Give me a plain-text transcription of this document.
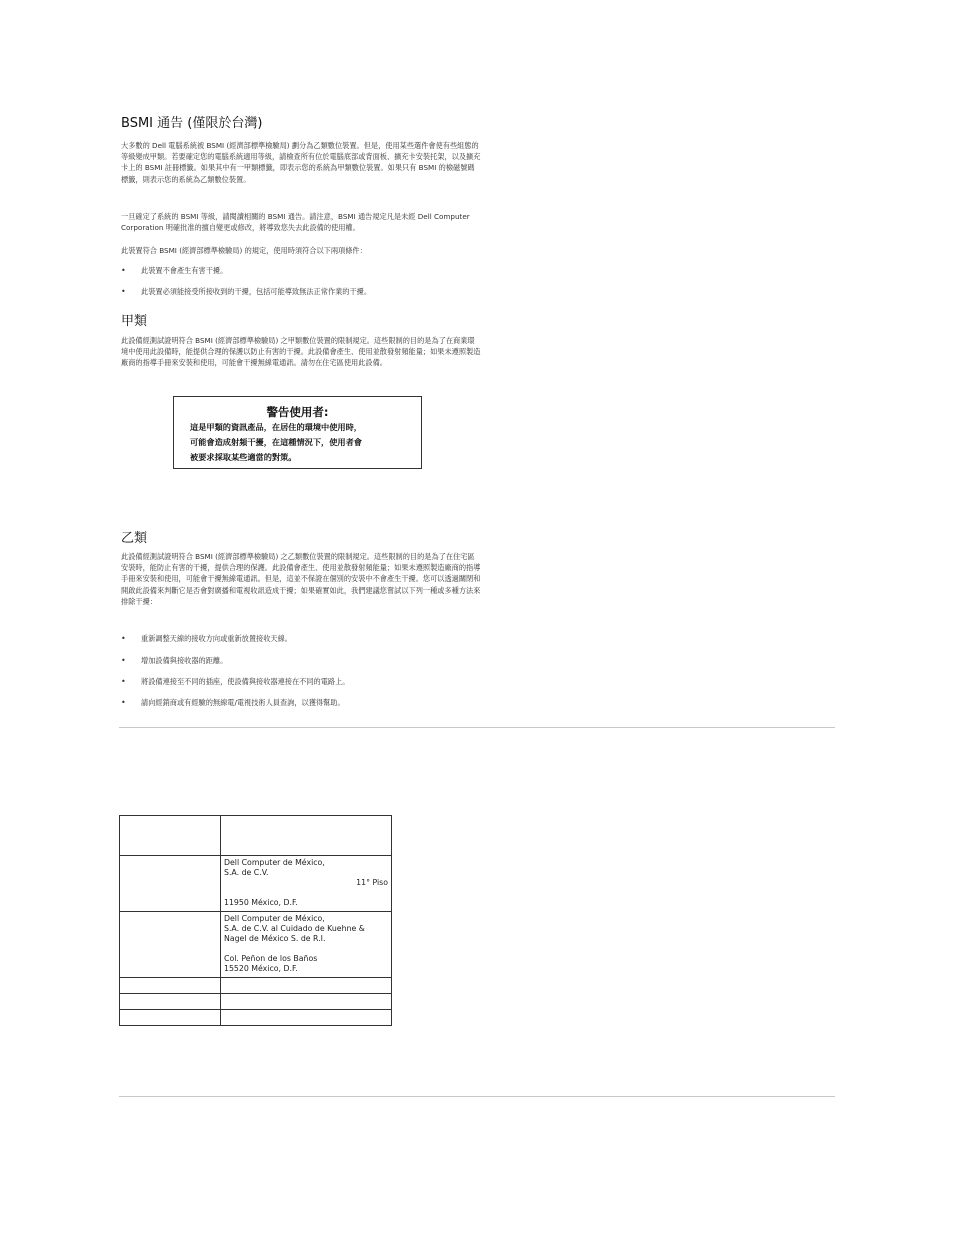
BSMI 通告 (僅限於台灣)

大多數的 Dell 電腦系統被 BSMI (經濟部標準檢驗局) 劃分為乙類數位裝置。但是，使用某些選件會使有些組態的等級變成甲類。若要確定您的電腦系統適用等級，請檢查所有位於電腦底部或背面板、擴充卡安裝托架，以及擴充卡上的 BSMI 註冊標籤。如果其中有一甲類標籤，即表示您的系統為甲類數位裝置。如果只有 BSMI 的檢磁號碼標籤，則表示您的系統為乙類數位裝置。

一旦確定了系統的 BSMI 等級，請閱讀相關的 BSMI 通告。請注意，BSMI 通告規定凡是未經 Dell Computer Corporation 明確批准的擅自變更或修改，將導致您失去此設備的使用權。

此裝置符合 BSMI (經濟部標準檢驗局) 的規定，使用時須符合以下兩項條件：

• 此裝置不會產生有害干擾。
• 此裝置必須能接受所接收到的干擾，包括可能導致無法正常作業的干擾。
甲類

此設備經測試證明符合 BSMI (經濟部標準檢驗局) 之甲類數位裝置的限制規定。這些限制的目的是為了在商業環境中使用此設備時，能提供合理的保護以防止有害的干擾。此設備會產生、使用並散發射頻能量；如果未遵照製造廠商的指導手冊來安裝和使用，可能會干擾無線電通訊。請勿在住宅區使用此設備。

警告使用者:
這是甲類的資訊產品，在居住的環境中使用時，
可能會造成射頻干擾，在這種情況下，使用者會
被要求採取某些適當的對策。
乙類

此設備經測試證明符合 BSMI (經濟部標準檢驗局) 之乙類數位裝置的限制規定。這些限制的目的是為了在住宅區安裝時，能防止有害的干擾，提供合理的保護。此設備會產生、使用並散發射頻能量；如果未遵照製造廠商的指導手冊來安裝和使用，可能會干擾無線電通訊。但是，這並不保證在個別的安裝中不會產生干擾。您可以透過關閉和開啟此設備來判斷它是否會對廣播和電視收訊造成干擾；如果確實如此，我們建議您嘗試以下列一種或多種方法來排除干擾：

• 重新調整天線的接收方向或重新放置接收天線。
• 增加設備與接收器的距離。
• 將設備連接至不同的插座，使設備與接收器連接在不同的電路上。
• 請向經銷商或有經驗的無線電/電視技術人員查詢，以獲得幫助。

	Dell Computer de México,
S.A. de C.V.
11° Piso
11950 México, D.F.

	Dell Computer de México,
S.A. de C.V. al Cuidado de Kuehne &
Nagel de México S. de R.I.
Col. Peñon de los Baños
15520 México, D.F.
